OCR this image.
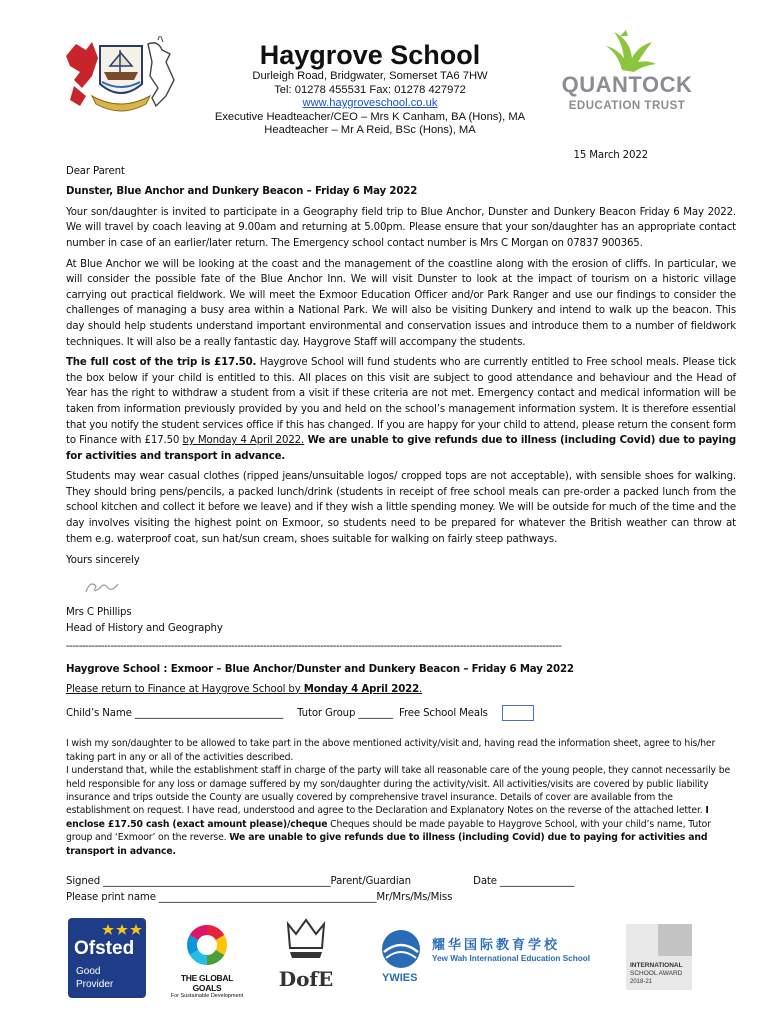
Haygrove School
Durleigh Road, Bridgwater, Somerset TA6 7HW
Tel: 01278 455531 Fax: 01278 427972
www.haygroveschool.co.uk
Executive Headteacher/CEO – Mrs K Canham, BA (Hons), MA
Headteacher – Mr A Reid, BSc (Hons), MA
QUANTOCK
EDUCATION TRUST

15 March 2022

Dear Parent

Dunster, Blue Anchor and Dunkery Beacon – Friday 6 May 2022

Your son/daughter is invited to participate in a Geography field trip to Blue Anchor, Dunster and Dunkery Beacon Friday 6 May 2022. We will travel by coach leaving at 9.00am and returning at 5.00pm. Please ensure that your son/daughter has an appropriate contact number in case of an earlier/later return. The Emergency school contact number is Mrs C Morgan on 07837 900365.

At Blue Anchor we will be looking at the coast and the management of the coastline along with the erosion of cliffs. In particular, we will consider the possible fate of the Blue Anchor Inn. We will visit Dunster to look at the impact of tourism on a historic village carrying out practical fieldwork. We will meet the Exmoor Education Officer and/or Park Ranger and use our findings to consider the challenges of managing a busy area within a National Park. We will also be visiting Dunkery and intend to walk up the beacon. This day should help students understand important environmental and conservation issues and introduce them to a number of fieldwork techniques. It will also be a really fantastic day. Haygrove Staff will accompany the students.

The full cost of the trip is £17.50. Haygrove School will fund students who are currently entitled to Free school meals. Please tick the box below if your child is entitled to this. All places on this visit are subject to good attendance and behaviour and the Head of Year has the right to withdraw a student from a visit if these criteria are not met. Emergency contact and medical information will be taken from information previously provided by you and held on the school’s management information system. It is therefore essential that you notify the student services office if this has changed. If you are happy for your child to attend, please return the consent form to Finance with £17.50 by Monday 4 April 2022. We are unable to give refunds due to illness (including Covid) due to paying for activities and transport in advance.

Students may wear casual clothes (ripped jeans/unsuitable logos/ cropped tops are not acceptable), with sensible shoes for walking. They should bring pens/pencils, a packed lunch/drink (students in receipt of free school meals can pre-order a packed lunch from the school kitchen and collect it before we leave) and if they wish a little spending money. We will be outside for much of the time and the day involves visiting the highest point on Exmoor, so students need to be prepared for whatever the British weather can throw at them e.g. waterproof coat, sun hat/sun cream, shoes suitable for walking on fairly steep pathways.

Yours sincerely

Mrs C Phillips

Head of History and Geography

------------------------------------------------------------------------------------------------------------------------------------------------------------

Haygrove School : Exmoor – Blue Anchor/Dunster and Dunkery Beacon – Friday 6 May 2022

Please return to Finance at Haygrove School by Monday 4 April 2022.

Child’s Name ______________________________ Tutor Group _______ Free School Meals

I wish my son/daughter to be allowed to take part in the above mentioned activity/visit and, having read the information sheet, agree to his/her taking part in any or all of the activities described.

I understand that, while the establishment staff in charge of the party will take all reasonable care of the young people, they cannot necessarily be held responsible for any loss or damage suffered by my son/daughter during the activity/visit. All activities/visits are covered by public liability insurance and trips outside the County are usually covered by comprehensive travel insurance. Details of cover are available from the establishment on request. I have read, understood and agree to the Declaration and Explanatory Notes on the reverse of the attached letter. I enclose £17.50 cash (exact amount please)/cheque Cheques should be made payable to Haygrove School, with your child’s name, Tutor group and ‘Exmoor’ on the reverse. We are unable to give refunds due to illness (including Covid) due to paying for activities and transport in advance.

Signed ______________________________________________Parent/Guardian	Date _______________

Please print name ____________________________________________Mr/Mrs/Ms/Miss

Ofsted
Good
Provider
THE GLOBAL GOALS
For Sustainable Development
DofE	YWIES
耀华国际教育学校
Yew Wah International Education School
INTERNATIONAL
SCHOOL AWARD
2018-21
